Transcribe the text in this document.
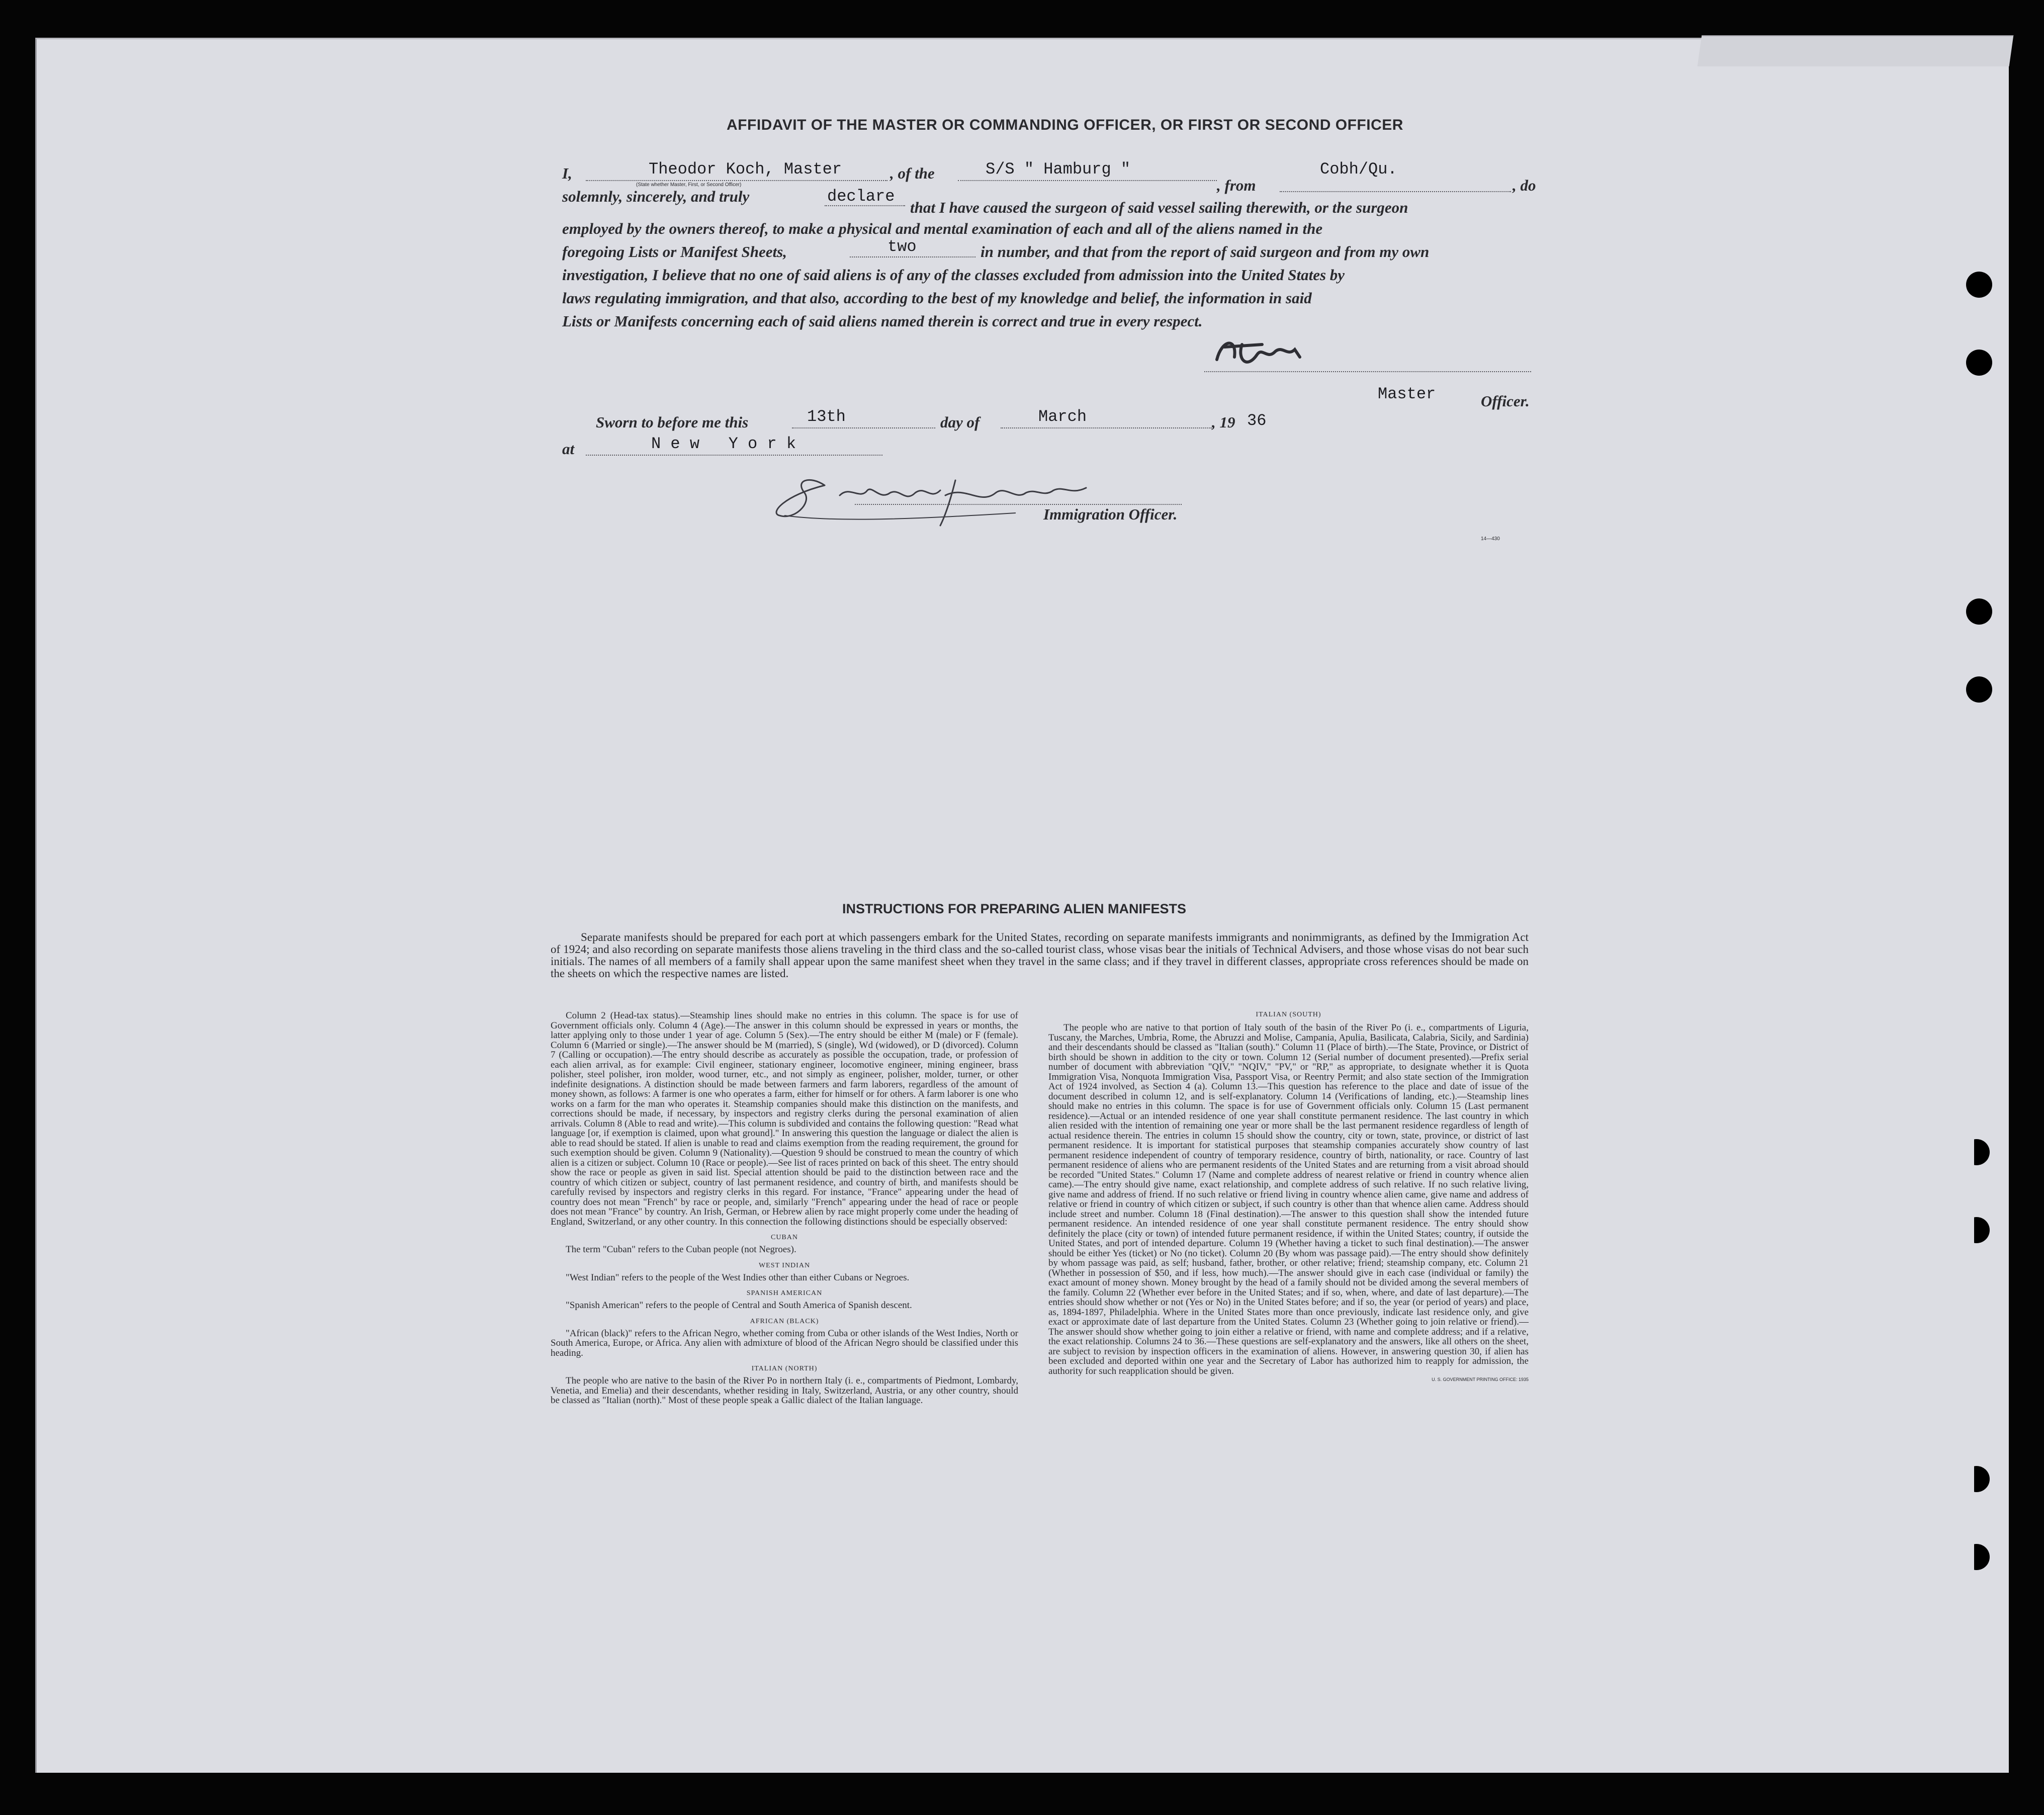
AFFIDAVIT OF THE MASTER OR COMMANDING OFFICER, OR FIRST OR SECOND OFFICER
I,	Theodor Koch, Master
(State whether Master, First, or Second Officer)
, of the	S/S " Hamburg "
, from
Cobh/Qu.
, do
solemnly, sincerely, and truly	declare
that I have caused the surgeon of said vessel sailing therewith, or the surgeon
employed by the owners thereof, to make a physical and mental examination of each and all of the aliens named in the
foregoing Lists or Manifest Sheets,	two	in number, and that from the report of said surgeon and from my own
investigation, I believe that no one of said aliens is of any of the classes excluded from admission into the United States by
laws regulating immigration, and that also, according to the best of my knowledge and belief, the information in said
Lists or Manifests concerning each of said aliens named therein is correct and true in every respect.
Master	Officer.
Sworn to before me this	13th	day of	March	, 19 36
at	N e w   Y o r k
Immigration Officer.
14—430
INSTRUCTIONS FOR PREPARING ALIEN MANIFESTS
Separate manifests should be prepared for each port at which passengers embark for the United States, recording on separate manifests immigrants and nonimmigrants, as defined by the Immigration Act of 1924; and also recording on separate manifests those aliens traveling in the third class and the so-called tourist class, whose visas bear the initials of Technical Advisers, and those whose visas do not bear such initials. The names of all members of a family shall appear upon the same manifest sheet when they travel in the same class; and if they travel in different classes, appropriate cross references should be made on the sheets on which the respective names are listed.
Column 2 (Head-tax status).—Steamship lines should make no entries in this column. The space is for use of Government officials only. Column 4 (Age).—The answer in this column should be expressed in years or months, the latter applying only to those under 1 year of age. Column 5 (Sex).—The entry should be either M (male) or F (female). Column 6 (Married or single).—The answer should be M (married), S (single), Wd (widowed), or D (divorced). Column 7 (Calling or occupation).—The entry should describe as accurately as possible the occupation, trade, or profession of each alien arrival, as for example: Civil engineer, stationary engineer, locomotive engineer, mining engineer, brass polisher, steel polisher, iron molder, wood turner, etc., and not simply as engineer, polisher, molder, turner, or other indefinite designations. A distinction should be made between farmers and farm laborers, regardless of the amount of money shown, as follows: A farmer is one who operates a farm, either for himself or for others. A farm laborer is one who works on a farm for the man who operates it. Steamship companies should make this distinction on the manifests, and corrections should be made, if necessary, by inspectors and registry clerks during the personal examination of alien arrivals. Column 8 (Able to read and write).—This column is subdivided and contains the following question: "Read what language [or, if exemption is claimed, upon what ground]." In answering this question the language or dialect the alien is able to read should be stated. If alien is unable to read and claims exemption from the reading requirement, the ground for such exemption should be given. Column 9 (Nationality).—Question 9 should be construed to mean the country of which alien is a citizen or subject. Column 10 (Race or people).—See list of races printed on back of this sheet. The entry should show the race or people as given in said list. Special attention should be paid to the distinction between race and the country of which citizen or subject, country of last permanent residence, and country of birth, and manifests should be carefully revised by inspectors and registry clerks in this regard. For instance, "France" appearing under the head of country does not mean "French" by race or people, and, similarly "French" appearing under the head of race or people does not mean "France" by country. An Irish, German, or Hebrew alien by race might properly come under the heading of England, Switzerland, or any other country. In this connection the following distinctions should be especially observed:
CUBAN
The term "Cuban" refers to the Cuban people (not Negroes).
WEST INDIAN
"West Indian" refers to the people of the West Indies other than either Cubans or Negroes.
SPANISH AMERICAN
"Spanish American" refers to the people of Central and South America of Spanish descent.
AFRICAN (BLACK)
"African (black)" refers to the African Negro, whether coming from Cuba or other islands of the West Indies, North or South America, Europe, or Africa. Any alien with admixture of blood of the African Negro should be classified under this heading.
ITALIAN (NORTH)
The people who are native to the basin of the River Po in northern Italy (i. e., compartments of Piedmont, Lombardy, Venetia, and Emelia) and their descendants, whether residing in Italy, Switzerland, Austria, or any other country, should be classed as "Italian (north)." Most of these people speak a Gallic dialect of the Italian language.
ITALIAN (SOUTH)
The people who are native to that portion of Italy south of the basin of the River Po (i. e., compartments of Liguria, Tuscany, the Marches, Umbria, Rome, the Abruzzi and Molise, Campania, Apulia, Basilicata, Calabria, Sicily, and Sardinia) and their descendants should be classed as "Italian (south)." Column 11 (Place of birth).—The State, Province, or District of birth should be shown in addition to the city or town. Column 12 (Serial number of document presented).—Prefix serial number of document with abbreviation "QIV," "NQIV," "PV," or "RP," as appropriate, to designate whether it is Quota Immigration Visa, Nonquota Immigration Visa, Passport Visa, or Reentry Permit; and also state section of the Immigration Act of 1924 involved, as Section 4 (a). Column 13.—This question has reference to the place and date of issue of the document described in column 12, and is self-explanatory. Column 14 (Verifications of landing, etc.).—Steamship lines should make no entries in this column. The space is for use of Government officials only. Column 15 (Last permanent residence).—Actual or an intended residence of one year shall constitute permanent residence. The last country in which alien resided with the intention of remaining one year or more shall be the last permanent residence regardless of length of actual residence therein. The entries in column 15 should show the country, city or town, state, province, or district of last permanent residence. It is important for statistical purposes that steamship companies accurately show country of last permanent residence independent of country of temporary residence, country of birth, nationality, or race. Country of last permanent residence of aliens who are permanent residents of the United States and are returning from a visit abroad should be recorded "United States." Column 17 (Name and complete address of nearest relative or friend in country whence alien came).—The entry should give name, exact relationship, and complete address of such relative. If no such relative living, give name and address of friend. If no such relative or friend living in country whence alien came, give name and address of relative or friend in country of which citizen or subject, if such country is other than that whence alien came. Address should include street and number. Column 18 (Final destination).—The answer to this question shall show the intended future permanent residence. An intended residence of one year shall constitute permanent residence. The entry should show definitely the place (city or town) of intended future permanent residence, if within the United States; country, if outside the United States, and port of intended departure. Column 19 (Whether having a ticket to such final destination).—The answer should be either Yes (ticket) or No (no ticket). Column 20 (By whom was passage paid).—The entry should show definitely by whom passage was paid, as self; husband, father, brother, or other relative; friend; steamship company, etc. Column 21 (Whether in possession of $50, and if less, how much).—The answer should give in each case (individual or family) the exact amount of money shown. Money brought by the head of a family should not be divided among the several members of the family. Column 22 (Whether ever before in the United States; and if so, when, where, and date of last departure).—The entries should show whether or not (Yes or No) in the United States before; and if so, the year (or period of years) and place, as, 1894-1897, Philadelphia. Where in the United States more than once previously, indicate last residence only, and give exact or approximate date of last departure from the United States. Column 23 (Whether going to join relative or friend).—The answer should show whether going to join either a relative or friend, with name and complete address; and if a relative, the exact relationship. Columns 24 to 36.—These questions are self-explanatory and the answers, like all others on the sheet, are subject to revision by inspection officers in the examination of aliens. However, in answering question 30, if alien has been excluded and deported within one year and the Secretary of Labor has authorized him to reapply for admission, the authority for such reapplication should be given.
U. S. GOVERNMENT PRINTING OFFICE: 1935
